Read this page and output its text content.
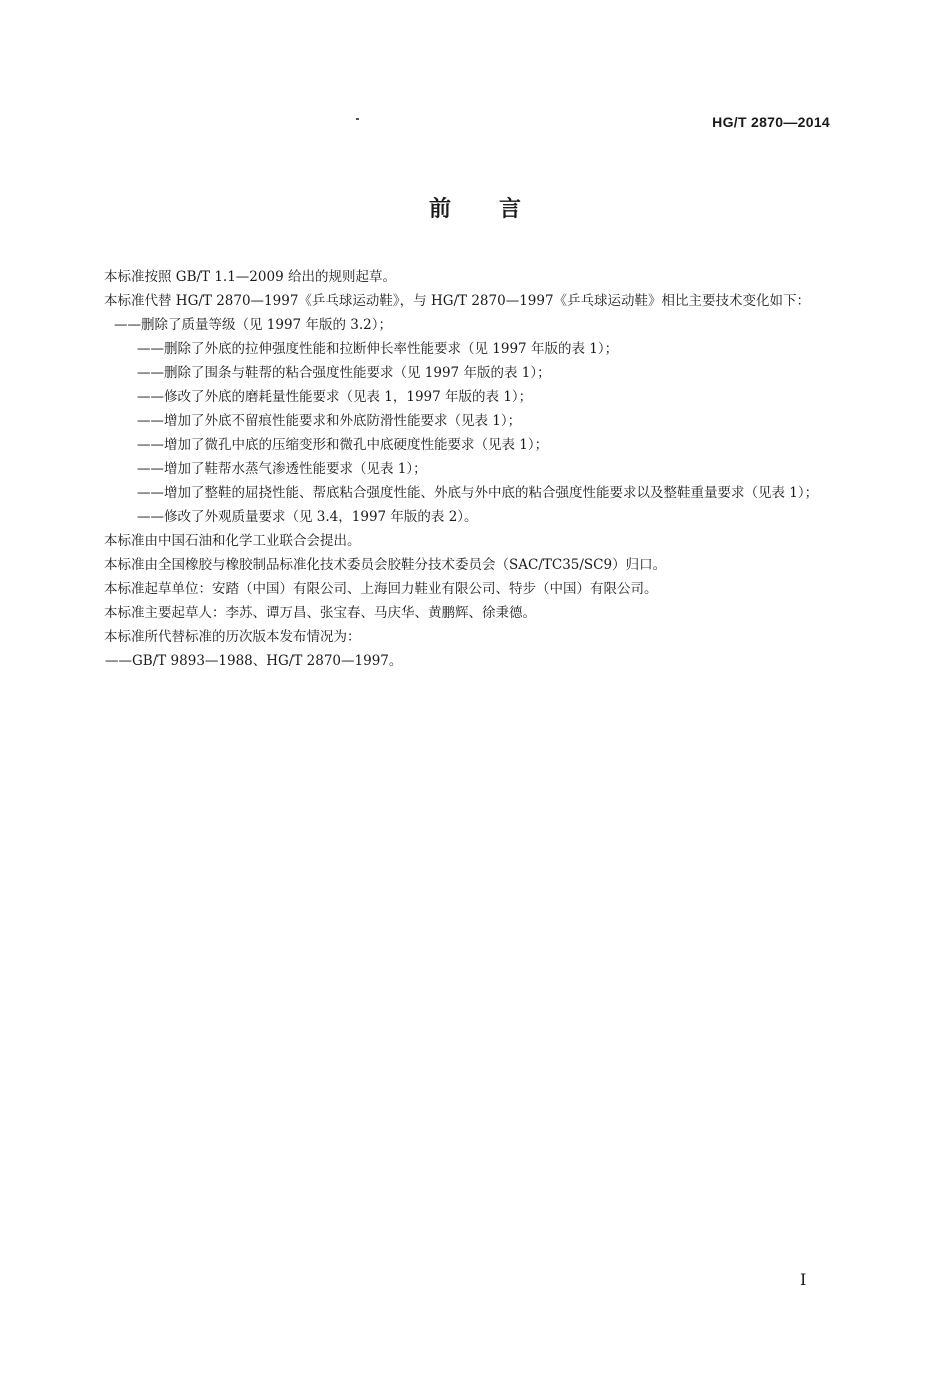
HG/T 2870—2014
前言

本标准按照 GB/T 1.1—2009 给出的规则起草。

本标准代替 HG/T 2870—1997《乒乓球运动鞋》，与 HG/T 2870—1997《乒乓球运动鞋》相比主要技术变化如下：

——删除了质量等级（见 1997 年版的 3.2）；

——删除了外底的拉伸强度性能和拉断伸长率性能要求（见 1997 年版的表 1）；

——删除了围条与鞋帮的粘合强度性能要求（见 1997 年版的表 1）；

——修改了外底的磨耗量性能要求（见表 1，1997 年版的表 1）；

——增加了外底不留痕性能要求和外底防滑性能要求（见表 1）；

——增加了微孔中底的压缩变形和微孔中底硬度性能要求（见表 1）；

——增加了鞋帮水蒸气渗透性能要求（见表 1）；

——增加了整鞋的屈挠性能、帮底粘合强度性能、外底与外中底的粘合强度性能要求以及整鞋重量要求（见表 1）；

——修改了外观质量要求（见 3.4，1997 年版的表 2）。

本标准由中国石油和化学工业联合会提出。

本标准由全国橡胶与橡胶制品标准化技术委员会胶鞋分技术委员会（SAC/TC35/SC9）归口。

本标准起草单位：安踏（中国）有限公司、上海回力鞋业有限公司、特步（中国）有限公司。

本标准主要起草人：李苏、谭万昌、张宝春、马庆华、黄鹏辉、徐秉德。

本标准所代替标准的历次版本发布情况为：

——GB/T 9893—1988、HG/T 2870—1997。

I
